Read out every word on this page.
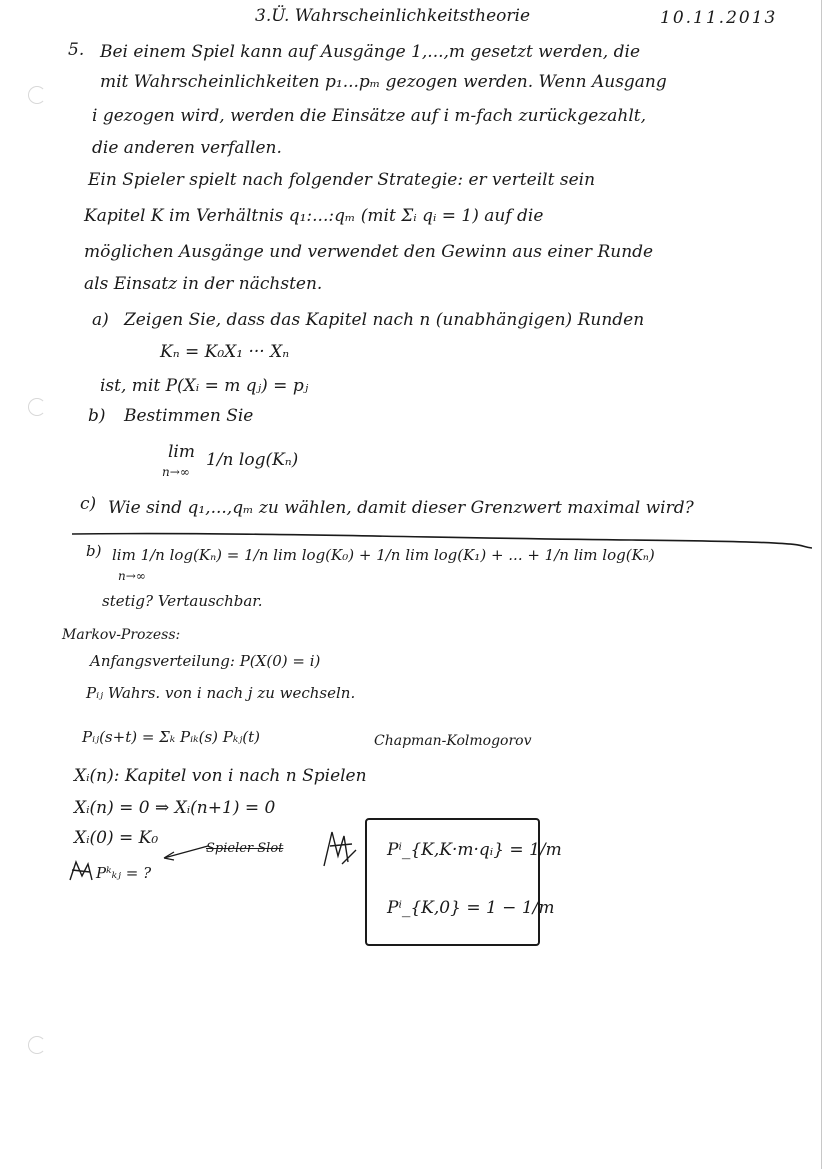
3.Ü. Wahrscheinlichkeitstheorie	10.11.2013
5. Bei einem Spiel kann auf Ausgänge 1,...,m gesetzt werden, die
mit Wahrscheinlichkeiten p₁...pₘ gezogen werden. Wenn Ausgang
i gezogen wird, werden die Einsätze auf i m-fach zurückgezahlt,
die anderen verfallen.
Ein Spieler spielt nach folgender Strategie: er verteilt sein
Kapitel K im Verhältnis q₁:...:qₘ (mit Σᵢ qᵢ = 1) auf die
möglichen Ausgänge und verwendet den Gewinn aus einer Runde
als Einsatz in der nächsten.
a) Zeigen Sie, dass das Kapitel nach n (unabhängigen) Runden
Kₙ = K₀X₁ ··· Xₙ
ist, mit P(Xᵢ = m qⱼ) = pⱼ
b) Bestimmen Sie
lim
n→∞
1/n log(Kₙ)
c) Wie sind q₁,...,qₘ zu wählen, damit dieser Grenzwert maximal wird?
b) lim 1/n log(Kₙ) = 1/n lim log(K₀) + 1/n lim log(K₁) + ... + 1/n lim log(Kₙ)
n→∞
stetig? Vertauschbar.
Markov-Prozess:
Anfangsverteilung: P(X(0) = i)
Pᵢⱼ Wahrs. von i nach j zu wechseln.
Pᵢⱼ(s+t) = Σₖ Pᵢₖ(s) Pₖⱼ(t)	Chapman-Kolmogorov
Xᵢ(n): Kapitel von i nach n Spielen
Xᵢ(n) = 0 ⇒ Xᵢ(n+1) = 0
Xᵢ(0) = K₀
Spieler Slot
Pᵏₖⱼ = ?
Pⁱ_{K,K·m·qᵢ} = 1/m
Pⁱ_{K,0} = 1 − 1/m
